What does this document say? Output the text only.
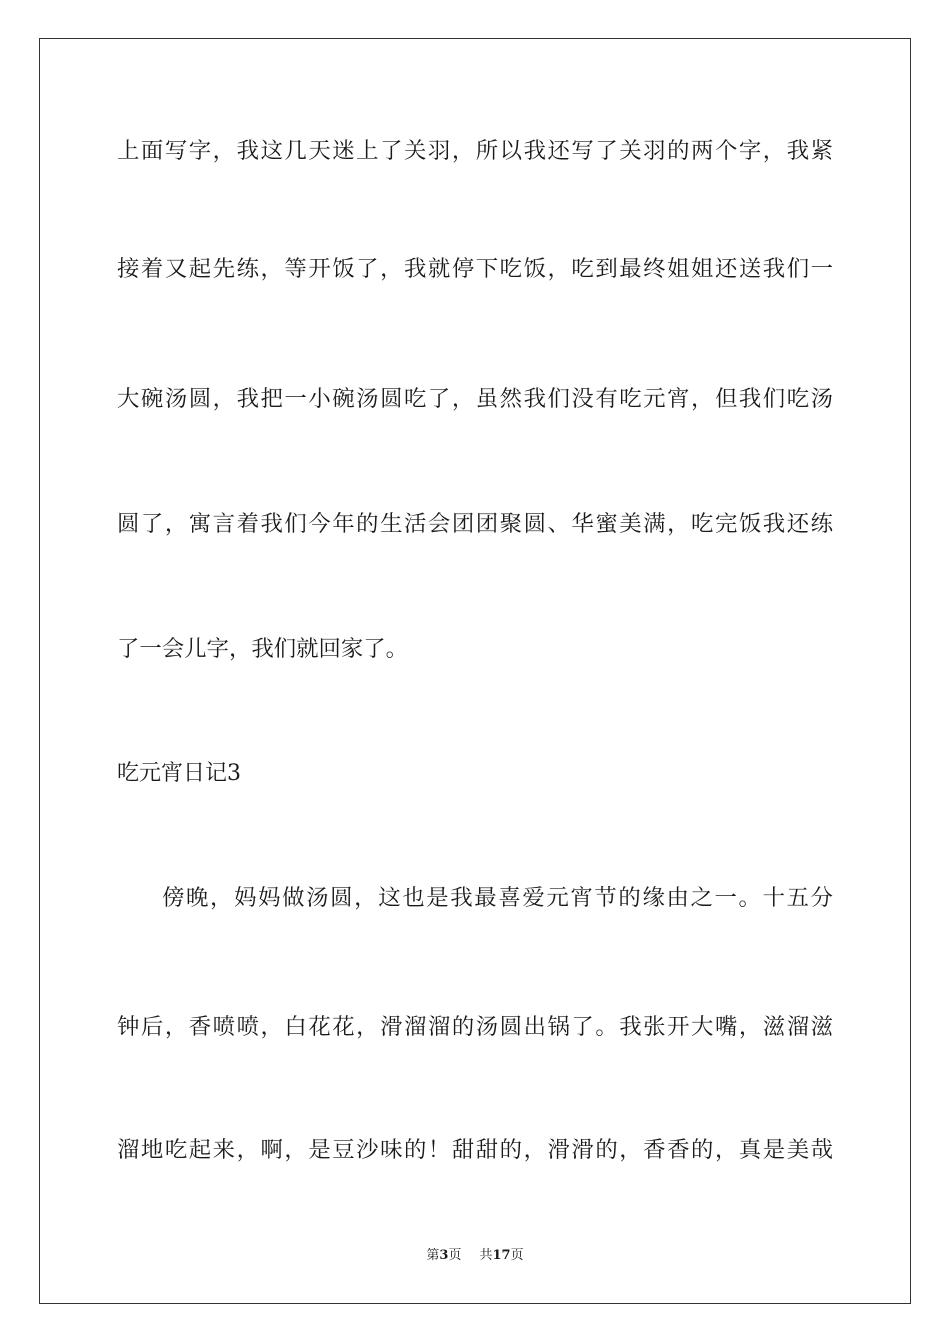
上面写字，我这几天迷上了关羽，所以我还写了关羽的两个字，我紧
接着又起先练，等开饭了，我就停下吃饭，吃到最终姐姐还送我们一
大碗汤圆，我把一小碗汤圆吃了，虽然我们没有吃元宵，但我们吃汤
圆了，寓言着我们今年的生活会团团聚圆、华蜜美满，吃完饭我还练
了一会儿字，我们就回家了。
吃元宵日记3
傍晚，妈妈做汤圆，这也是我最喜爱元宵节的缘由之一。十五分
钟后，香喷喷，白花花，滑溜溜的汤圆出锅了。我张开大嘴，滋溜滋
溜地吃起来，啊，是豆沙味的！甜甜的，滑滑的，香香的，真是美哉
第3页 共17页
